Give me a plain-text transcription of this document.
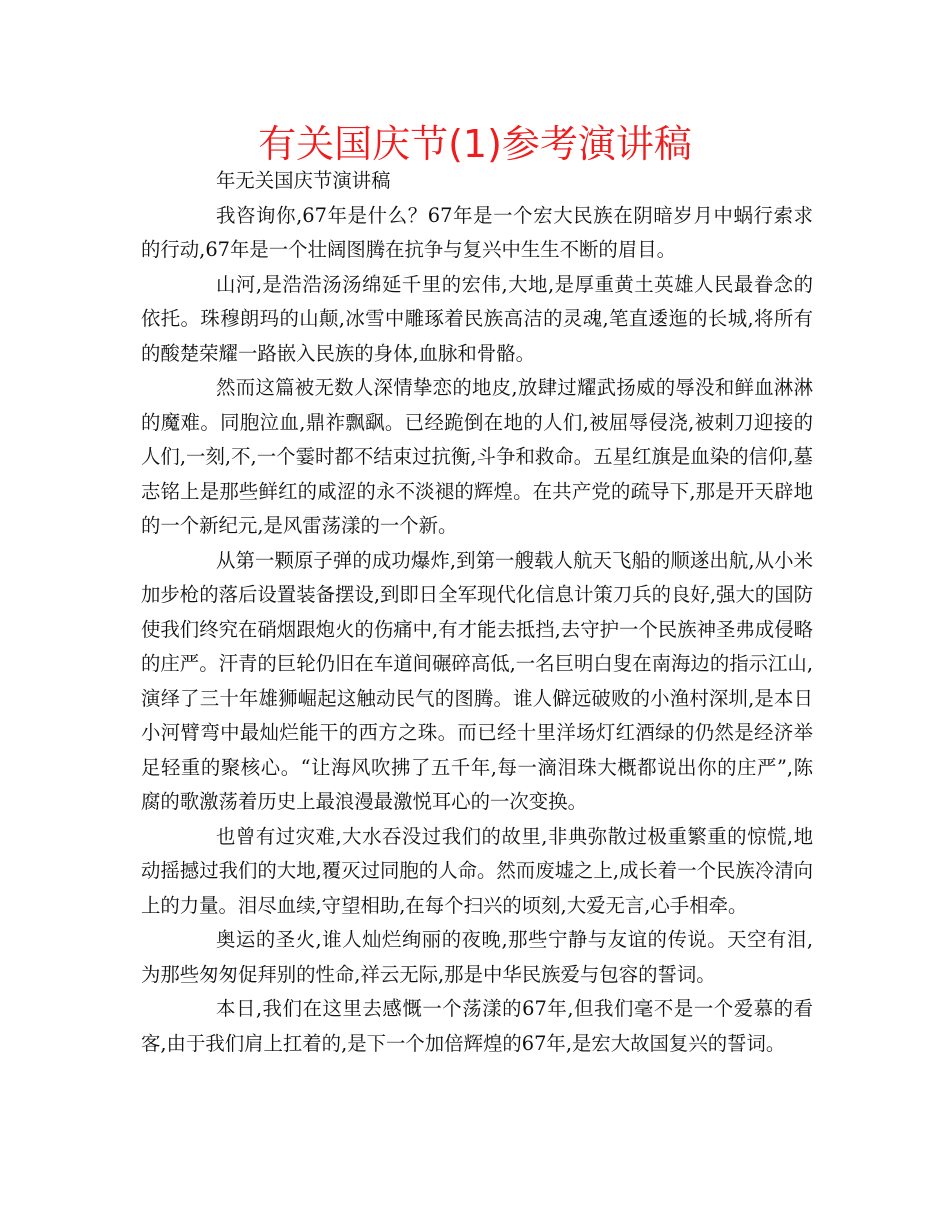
有关国庆节(1)参考演讲稿

年无关国庆节演讲稿

我咨询你,67年是什么？67年是一个宏大民族在阴暗岁月中蜗行索求的行动,67年是一个壮阔图腾在抗争与复兴中生生不断的眉目。

山河,是浩浩汤汤绵延千里的宏伟,大地,是厚重黄土英雄人民最眷念的依托。珠穆朗玛的山颠,冰雪中雕琢着民族高洁的灵魂,笔直逶迤的长城,将所有的酸楚荣耀一路嵌入民族的身体,血脉和骨骼。

然而这篇被无数人深情挚恋的地皮,放肆过耀武扬威的辱没和鲜血淋淋的魔难。同胞泣血,鼎祚飘飖。已经跪倒在地的人们,被屈辱侵浇,被刺刀迎接的人们,一刻,不,一个霎时都不结束过抗衡,斗争和救命。五星红旗是血染的信仰,墓志铭上是那些鲜红的咸涩的永不淡褪的辉煌。在共产党的疏导下,那是开天辟地的一个新纪元,是风雷荡漾的一个新。

从第一颗原子弹的成功爆炸,到第一艘载人航天飞船的顺遂出航,从小米加步枪的落后设置装备摆设,到即日全军现代化信息计策刀兵的良好,强大的国防使我们终究在硝烟跟炮火的伤痛中,有才能去抵挡,去守护一个民族神圣弗成侵略的庄严。汗青的巨轮仍旧在车道间碾碎高低,一名巨明白叟在南海边的指示江山,演绎了三十年雄狮崛起这触动民气的图腾。谁人僻远破败的小渔村深圳,是本日小河臂弯中最灿烂能干的西方之珠。而已经十里洋场灯红酒绿的仍然是经济举足轻重的聚核心。“让海风吹拂了五千年,每一滴泪珠大概都说出你的庄严”,陈腐的歌激荡着历史上最浪漫最激悦耳心的一次变换。

也曾有过灾难,大水吞没过我们的故里,非典弥散过极重繁重的惊慌,地动摇撼过我们的大地,覆灭过同胞的人命。然而废墟之上,成长着一个民族冷清向上的力量。泪尽血续,守望相助,在每个扫兴的顷刻,大爱无言,心手相牵。

奥运的圣火,谁人灿烂绚丽的夜晚,那些宁静与友谊的传说。天空有泪,为那些匆匆促拜别的性命,祥云无际,那是中华民族爱与包容的誓词。

本日,我们在这里去感慨一个荡漾的67年,但我们毫不是一个爱慕的看客,由于我们肩上扛着的,是下一个加倍辉煌的67年,是宏大故国复兴的誓词。
